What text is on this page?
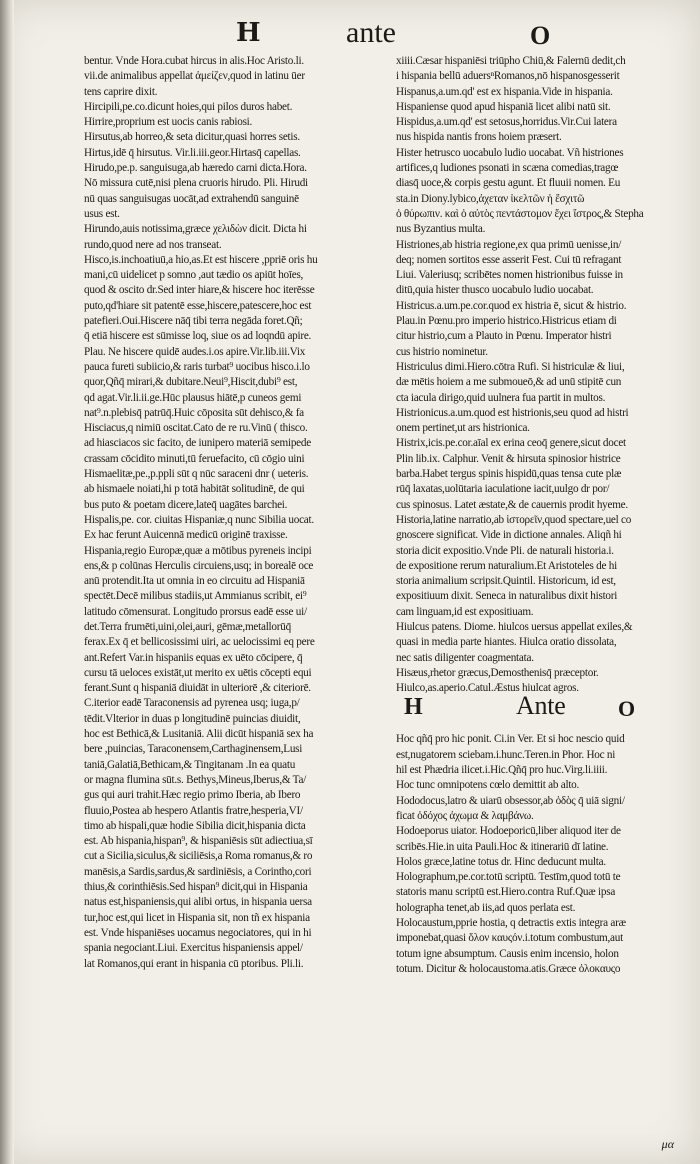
H	ante	O
bentur. Vnde Hora.cubat hircus in alis.Hoc Aristo.li.
vii.de animalibus appellat ἀμείζεν,quod in latinu ūer
tens caprire dixit.
Hircipili,pe.co.dicunt hoies,qui pilos duros habet.
Hirrire,proprium est uocis canis rabiosi.
Hirsutus,ab horreo,& seta dicitur,quasi horres setis.
Hirtus,idē q̄ hirsutus. Vir.li.iii.geor.Hirtasq̄ capellas.
Hirudo,pe.p. sanguisuga,ab hæredo carni dicta.Hora.
Nō missura cutē,nisi plena cruoris hirudo. Pli. Hirudi
nū quas sanguisugas uocāt,ad extrahendū sanguinē
usus est.
Hirundo,auis notissima,græce χελιδὼν dicit. Dicta hi
rundo,quod nere ad nos transeat.
Hisco,is.inchoatiuū,a hio,as.Et est hiscere ,ppriē oris hu
mani,cū uidelicet p somno ,aut tædio os apiūt hoīes,
quod & oscito dr.Sed inter hiare,& hiscere hoc iterēsse
puto,qd'hiare sit patentē esse,hiscere,patescere,hoc est
patefieri.Oui.Hiscere nāq̄ tibi terra negāda foret.Qñ;
q̄ etiā hiscere est sūmisse loq, siue os ad loqndū apire.
Plau. Ne hiscere quidē audes.i.os apire.Vir.lib.iii.Vix
pauca fureti subiicio,& raris turbat⁹ uocibus hisco.i.lo
quor,Qñq̄ mirari,& dubitare.Neui⁹,Hiscit,dubi⁹ est,
qd agat.Vir.li.ii.ge.Hūc plausus hiātē,p cuneos gemi
nat⁹.n.plebisq̄ patrūq̄.Huic cōposita sūt dehisco,& fa
Hisciacus,q nimiū oscitat.Cato de re ru.Vinū ( thisco.
ad hiasciacos sic facito, de iunipero materiā semipede
crassam cōcidito minuti,tū feruefacito, cū cōgio uini
Hismaelitæ,pe.,p.ppli sūt q nūc saraceni dnr ( ueteris.
ab hismaele noiati,hi p totā habitāt solitudinē, de qui
bus puto & poetam dicere,lateq̄ uagātes barchei.
Hispalis,pe. cor. ciuitas Hispaniæ,q nunc Sibilia uocat.
Ex hac ferunt Auicennā medicū originē traxisse.
Hispania,regio Europæ,quæ a mōtibus pyreneis incipi
ens,& p colūnas Herculis circuiens,usq; in borealē oce
anū protendit.Ita ut omnia in eo circuitu ad Hispaniā
spectēt.Decē milibus stadiis,ut Ammianus scribit, ei⁹
latitudo cōmensurat. Longitudo prorsus eadē esse ui/
det.Terra frumēti,uini,olei,auri, gēmæ,metallorūq̄
ferax.Ex q̄ et bellicosissimi uiri, ac uelocissimi eq pere
ant.Refert Var.in hispaniis equas ex uēto cōcipere, q̄
cursu tā ueloces existāt,ut merito ex uētis cōcepti equi
ferant.Sunt q hispaniā diuidāt in ulteriorē ,& citeriorē.
C.iterior eadē Taraconensis ad pyrenea usq; iuga,p/
tēdit.Vlterior in duas p longitudinē puincias diuidit,
hoc est Bethicā,& Lusitaniā. Alii dicūt hispaniā sex ha
bere ,puincias, Taraconensem,Carthaginensem,Lusi
taniā,Galatiā,Bethicam,& Tingitanam .In ea quatu
or magna flumina sūt.s. Bethys,Mineus,Iberus,& Ta/
gus qui auri trahit.Hæc regio primo Iberia, ab Ibero
fluuio,Postea ab hespero Atlantis fratre,hesperia,VI/
timo ab hispali,quæ hodie Sibilia dicit,hispania dicta
est. Ab hispania,hispan⁹, & hispaniēsis sūt adiectiua,sī
cut a Sicilia,siculus,& siciliēsis,a Roma romanus,& ro
manēsis,a Sardis,sardus,& sardiniēsis, a Corintho,cori
thius,& corinthiēsis.Sed hispan⁹ dicit,qui in Hispania
natus est,hispaniensis,qui alibi ortus, in hispania uersa
tur,hoc est,qui licet in Hispania sit, non tñ ex hispania
est. Vnde hispaniēses uocamus negociatores, qui in hi
spania negociant.Liui. Exercitus hispaniensis appel/
lat Romanos,qui erant in hispania cū ptoribus. Pli.li.
xiiii.Cæsar hispaniēsi triūpho Chiū,& Falernū dedit,ch
i hispania bellū aduersⁿRomanos,nō hispanosgesserit
Hispanus,a.um.qd' est ex hispania.Vide in hispania.
Hispaniense quod apud hispaniā licet alibi natū sit.
Hispidus,a.um.qd' est setosus,horridus.Vir.Cui latera
nus hispida nantis frons hoiem præsert.
Hister hetrusco uocabulo ludio uocabat. Vñ histriones
artifices,q ludiones psonati in scæna comedias,tragœ
diasq̄ uoce,& corpis gestu agunt. Et fluuii nomen. Eu
sta.in Diony.lybico,ἀχεταν ἰκελτῶν ἡ ἔσχιτῶ
ὁ θύρωπιν. καὶ ὁ αὐτὸς πεντάστομον ἔχει ἴστρος,& Stepha
nus Byzantius multa.
Histriones,ab histria regione,ex qua primū uenisse,in/
deq; nomen sortitos esse asserit Fest. Cui tū refragant
Liui. Valeriusq; scribētes nomen histrionibus fuisse in
ditū,quia hister thusco uocabulo ludio uocabat.
Histricus.a.um.pe.cor.quod ex histria ē, sicut & histrio.
Plau.in Pœnu.pro imperio histrico.Histricus etiam di
citur histrio,cum a Plauto in Pœnu. Imperator histri
cus histrio nominetur.
Histriculus dimi.Hiero.cōtra Rufi. Si histriculæ & liui,
dæ mētis hoiem a me submoueō,& ad unū stipitē cun
cta iacula dirigo,quid uulnera fua partit in multos.
Histrionicus.a.um.quod est histrionis,seu quod ad histri
onem pertinet,ut ars histrionica.
Histrix,icis.pe.cor.aīal ex erina ceoq̄ genere,sicut docet
Plin lib.ix. Calphur. Venit & hirsuta spinosior histrice
barba.Habet tergus spinis hispidū,quas tensa cute plæ
rūq̄ laxatas,uolūtaria iaculatione iacit,uulgo dr por/
cus spinosus. Latet æstate,& de cauernis prodit hyeme.
Historia,latine narratio,ab ἱστορεῖν,quod spectare,uel co
gnoscere significat. Vide in dictione annales. Aliqñ hi
storia dicit expositio.Vnde Pli. de naturali historia.i.
de expositione rerum naturalium.Et Aristoteles de hi
storia animalium scripsit.Quintil. Historicum, id est,
expositiuum dixit. Seneca in naturalibus dixit histori
cam linguam,id est expositiuam.
Hiulcus patens. Diome. hiulcos uersus appellat exiles,&
quasi in media parte hiantes. Hiulca oratio dissolata,
nec satis diligenter coagmentata.
Hisæus,rhetor græcus,Demosthenisq̄ præceptor.
Hiulco,as.aperio.Catul.Æstus hiulcat agros.
H	Ante O
Hoc qñq̄ pro hic ponit. Ci.in Ver. Et si hoc nescio quid
est,nugatorem sciebam.i.hunc.Teren.in Phor. Hoc ni
hil est Phædria ilicet.i.Hic.Qñq̄ pro huc.Virg.li.iiii.
Hoc tunc omnipotens cœlo demittit ab alto.
Hododocus,latro & uiarū obsessor,ab ὁδὸς q̄ uiā signi/
ficat ὁδόχος ἀχωμα & λαμβάνω.
Hodoeporus uiator. Hodoeporicū,liber aliquod iter de
scribēs.Hie.in uita Pauli.Hoc & itinerariū dī latine.
Holos græce,latine totus dr. Hinc deducunt multa.
Holographum,pe.cor.totū scriptū. Testīm,quod totū te
statoris manu scriptū est.Hiero.contra Ruf.Quæ ipsa
holographa tenet,ab iis,ad quos perlata est.
Holocaustum,pprie hostia, q detractis extis integra aræ
imponebat,quasi ὅλον καυςόν.i.totum combustum,aut
totum igne absumptum. Causis enim incensio, holon
totum. Dicitur & holocaustoma.atis.Græce ὁλοκαυςο
μα
